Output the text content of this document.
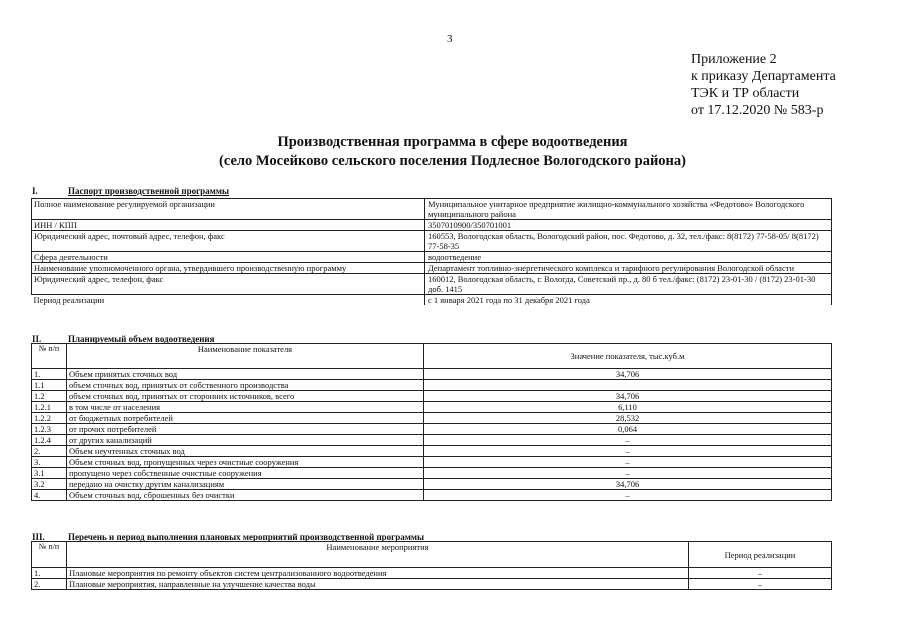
3
Приложение 2
к приказу Департамента
ТЭК и ТР области
от 17.12.2020 № 583-р
Производственная программа в сфере водоотведения
(село Мосейково сельского поселения Подлесное Вологодского района)
I.	Паспорт производственной программы
Полное наименование регулируемой организации	Муниципальное унитарное предприятие жилищно-коммунального хозяйства «Федотово» Вологодского муниципального района
ИНН / КПП	3507010900/350701001
Юридический адрес, почтовый адрес, телефон, факс	160553, Вологодская область, Вологодский район, пос. Федотово, д. 32, тел./факс: 8(8172) 77-58-05/ 8(8172) 77-58-35
Сфера деятельности	водоотведение
Наименование уполномоченного органа, утвердившего производственную программу	Департамент топливно-энергетического комплекса и тарифного регулирования Вологодской области
Юридический адрес, телефон, факс	160012, Вологодская область, г. Вологда, Советский пр., д. 80 б тел./факс: (8172) 23-01-30 / (8172) 23-01-30 доб. 1415
Период реализации	с 1 января 2021 года по 31 декабря 2021 года
II.	Планируемый объем водоотведения
№ п/п	Наименование показателя	Значение показателя, тыс.куб.м
1.	Объем принятых сточных вод	34,706
1.1	объем сточных вод, принятых от собственного производства	
1.2	объем сточных вод, принятых от сторонних источников, всего	34,706
1.2.1	в том числе от населения	6,110
1.2.2	от бюджетных потребителей	28,532
1.2.3	от прочих потребителей	0,064
1.2.4	от других канализаций	–
2.	Объем неучтенных сточных вод	–
3.	Объем сточных вод, пропущенных через очистные сооружения	–
3.1	пропущено через собственные очистные сооружения	–
3.2	передано на очистку другим канализациям	34,706
4.	Объем сточных вод, сброшенных без очистки	–
III.	Перечень и период выполнения плановых мероприятий производственной программы
№ п/п	Наименование мероприятия	Период реализации
1.	Плановые мероприятия по ремонту объектов систем централизованного водоотведения	–
2.	Плановые мероприятия, направленные на улучшение качества воды	–
